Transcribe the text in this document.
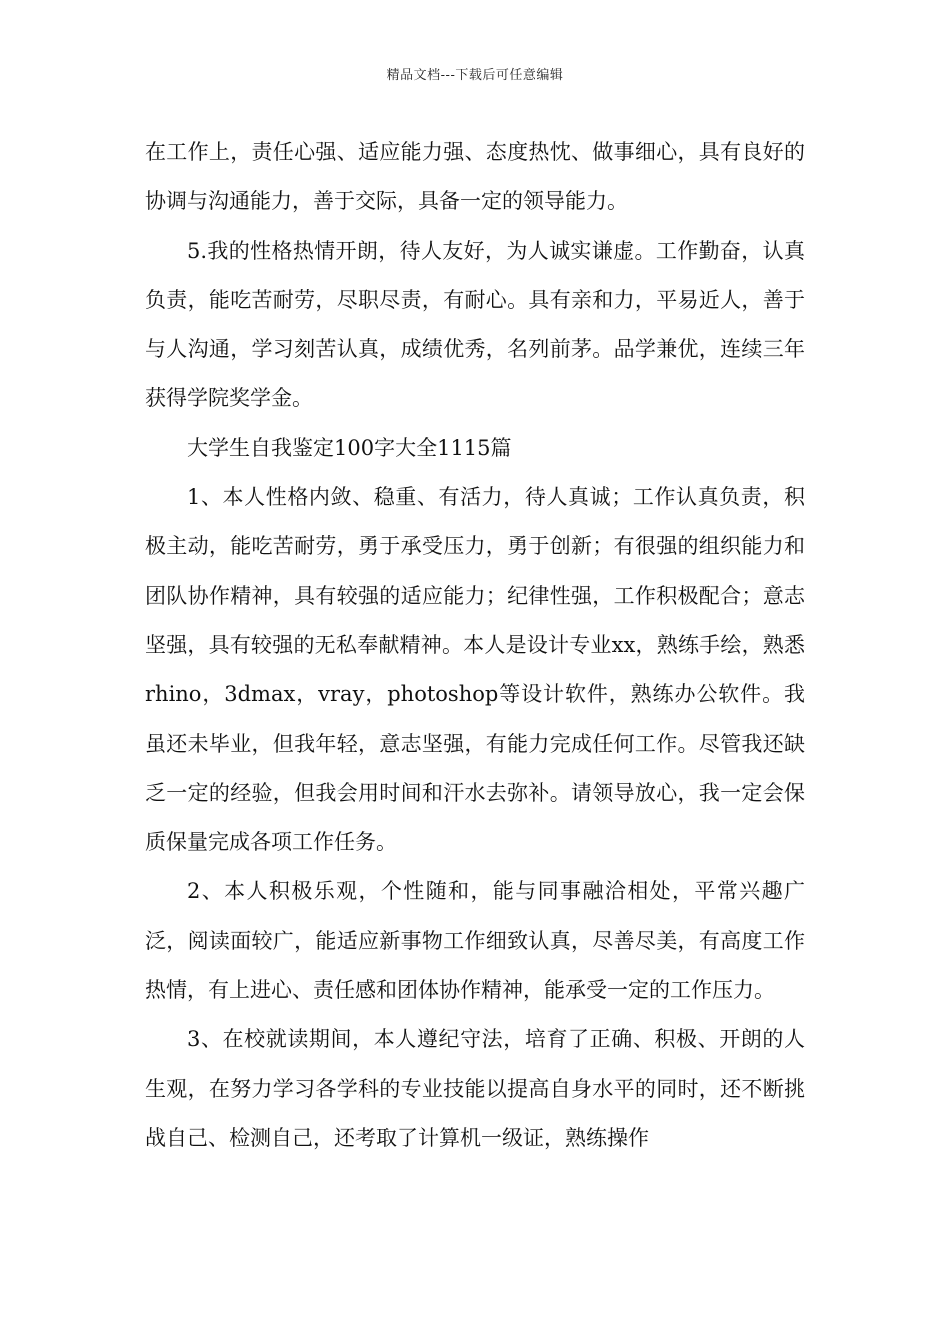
精品文档---下载后可任意编辑

在工作上，责任心强、适应能力强、态度热忱、做事细心，具有良好的协调与沟通能力，善于交际，具备一定的领导能力。

5.我的性格热情开朗，待人友好，为人诚实谦虚。工作勤奋，认真负责，能吃苦耐劳，尽职尽责，有耐心。具有亲和力，平易近人，善于与人沟通，学习刻苦认真，成绩优秀，名列前茅。品学兼优，连续三年获得学院奖学金。

大学生自我鉴定100字大全1115篇

1、本人性格内敛、稳重、有活力，待人真诚；工作认真负责，积极主动，能吃苦耐劳，勇于承受压力，勇于创新；有很强的组织能力和团队协作精神，具有较强的适应能力；纪律性强，工作积极配合；意志坚强，具有较强的无私奉献精神。本人是设计专业xx，熟练手绘，熟悉rhino，3dmax，vray，photoshop等设计软件，熟练办公软件。我虽还未毕业，但我年轻，意志坚强，有能力完成任何工作。尽管我还缺乏一定的经验，但我会用时间和汗水去弥补。请领导放心，我一定会保质保量完成各项工作任务。

2、本人积极乐观，个性随和，能与同事融洽相处，平常兴趣广泛，阅读面较广，能适应新事物工作细致认真，尽善尽美，有高度工作热情，有上进心、责任感和团体协作精神，能承受一定的工作压力。

3、在校就读期间，本人遵纪守法，培育了正确、积极、开朗的人生观，在努力学习各学科的专业技能以提高自身水平的同时，还不断挑战自己、检测自己，还考取了计算机一级证，熟练操作
